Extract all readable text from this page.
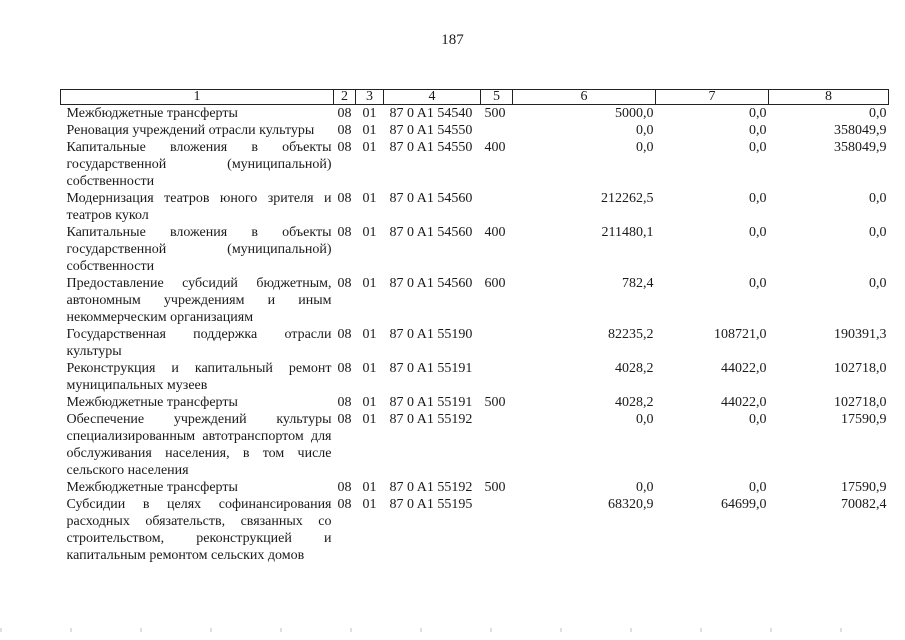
187
1	2	3	4	5	6	7	8
Межбюджетные трансферты	08	01	87 0 A1 54540	500	5000,0	0,0	0,0
Реновация учреждений отрасли культуры	08	01	87 0 A1 54550		0,0	0,0	358049,9
Капитальные вложения в объекты государственной (муниципальной) собственности	08	01	87 0 A1 54550	400	0,0	0,0	358049,9
Модернизация театров юного зрителя и театров кукол	08	01	87 0 A1 54560		212262,5	0,0	0,0
Капитальные вложения в объекты государственной (муниципальной) собственности	08	01	87 0 A1 54560	400	211480,1	0,0	0,0
Предоставление субсидий бюджетным, автономным учреждениям и иным некоммерческим организациям	08	01	87 0 A1 54560	600	782,4	0,0	0,0
Государственная поддержка отрасли культуры	08	01	87 0 A1 55190		82235,2	108721,0	190391,3
Реконструкция и капитальный ремонт муниципальных музеев	08	01	87 0 A1 55191		4028,2	44022,0	102718,0
Межбюджетные трансферты	08	01	87 0 A1 55191	500	4028,2	44022,0	102718,0
Обеспечение учреждений культуры специализированным автотранспортом для обслуживания населения, в том числе сельского населения	08	01	87 0 A1 55192		0,0	0,0	17590,9
Межбюджетные трансферты	08	01	87 0 A1 55192	500	0,0	0,0	17590,9
Субсидии в целях софинансирования расходных обязательств, связанных со строительством, реконструкцией и капитальным ремонтом сельских домов	08	01	87 0 A1 55195		68320,9	64699,0	70082,4
